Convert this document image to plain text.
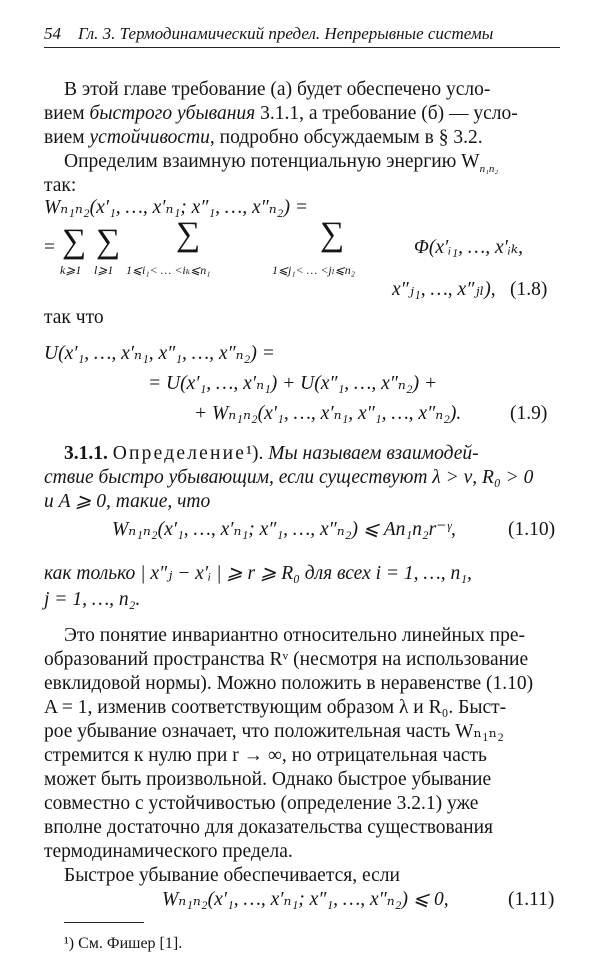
54 Гл. 3. Термодинамический предел. Непрерывные системы
В этой главе требование (а) будет обеспечено усло-
вием быстрого убывания 3.1.1, а требование (б) — усло-
вием устойчивости, подробно обсуждаемым в § 3.2.
Определим взаимную потенциальную энергию $W_{n_1n_2}$
так:
Wₙ₁ₙ₂(x′₁, …, x′ₙ₁; x″₁, …, x″ₙ₂) =
= ∑ ∑ ∑	∑
k⩾1 l⩾1 1⩽i₁< … <iₖ⩽n₁	1⩽j₁< … <jₗ⩽n₂
Φ(x′ᵢ₁, …, x′ᵢₖ,
x″ⱼ₁, …, x″ⱼₗ), (1.8)
так что
U(x′₁, …, x′ₙ₁, x″₁, …, x″ₙ₂) =
= U(x′₁, …, x′ₙ₁) + U(x″₁, …, x″ₙ₂) +
+ Wₙ₁ₙ₂(x′₁, …, x′ₙ₁, x″₁, …, x″ₙ₂).	(1.9)
3.1.1. Определение¹). Мы называем взаимодей-
ствие быстро убывающим, если существуют λ > ν, R₀ > 0
и A ⩾ 0, такие, что
Wₙ₁ₙ₂(x′₁, …, x′ₙ₁; x″₁, …, x″ₙ₂) ⩽ An₁n₂r⁻ᵞ,	(1.10)
как только | x″ⱼ − x′ᵢ | ⩾ r ⩾ R₀ для всех i = 1, …, n₁,
j = 1, …, n₂.
Это понятие инвариантно относительно линейных пре-
образований пространства Rᵛ (несмотря на использование
евклидовой нормы). Можно положить в неравенстве (1.10)
A = 1, изменив соответствующим образом λ и R₀. Быст-
рое убывание означает, что положительная часть Wₙ₁ₙ₂
стремится к нулю при r → ∞, но отрицательная часть
может быть произвольной. Однако быстрое убывание
совместно с устойчивостью (определение 3.2.1) уже
вполне достаточно для доказательства существования
термодинамического предела.
Быстрое убывание обеспечивается, если
Wₙ₁ₙ₂(x′₁, …, x′ₙ₁; x″₁, …, x″ₙ₂) ⩽ 0,	(1.11)
¹) См. Фишер [1].
